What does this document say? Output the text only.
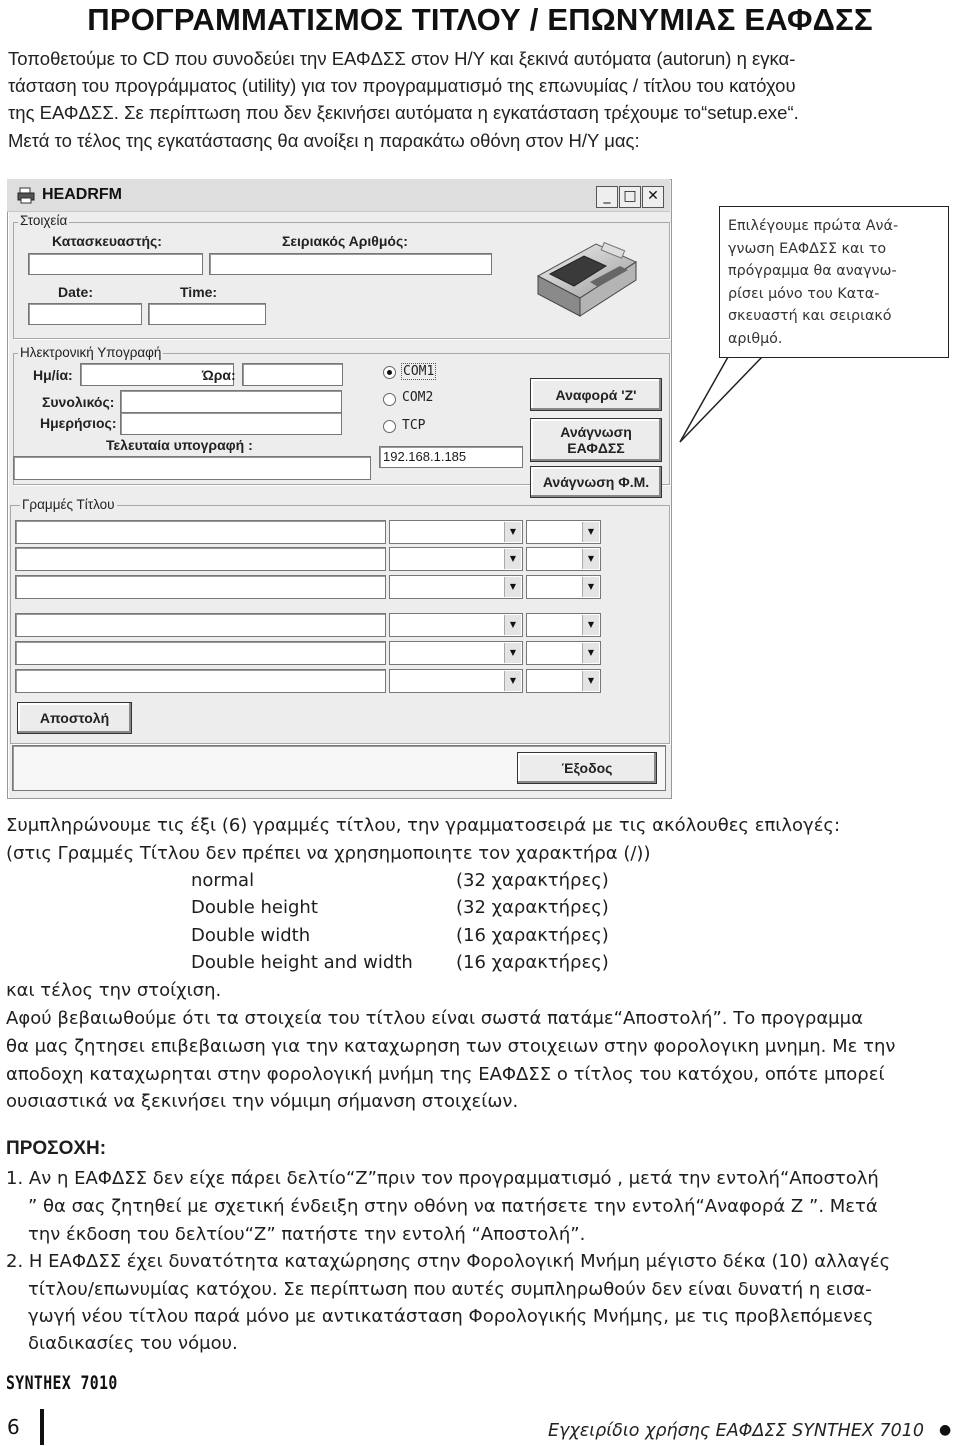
ΠΡΟΓΡΑΜΜΑΤΙΣΜΟΣ ΤΙΤΛΟΥ / ΕΠΩΝΥΜΙΑΣ ΕΑΦΔΣΣ
Τοποθετούμε το CD που συνοδεύει την ΕΑΦΔΣΣ στον Η/Υ και ξεκινά αυτόματα (autorun) η εγκα-
τάσταση του προγράμματος (utility) για τον προγραμματισμό της επωνυμίας / τίτλου του κατόχου
της ΕΑΦΔΣΣ. Σε περίπτωση που δεν ξεκινήσει αυτόματα η εγκατάσταση τρέχουμε το“setup.exe“.
Μετά το τέλος της εγκατάστασης θα ανοίξει η παρακάτω οθόνη στον Η/Υ μας:
HEADRFM	_ □ ✕
Στοιχεία
Κατασκευαστής:	Σειριακός Αριθμός:
Date:	Time:
Ηλεκτρονική Υπογραφή
Ημ/ία:	Ώρα:
Συνολικός:
Ημερήσιος:
Τελευταία υπογραφή :
COM1
COM2
TCP
192.168.1.185
Αναφορά 'Ζ'
Ανάγνωση
ΕΑΦΔΣΣ
Ανάγνωση Φ.Μ.
Γραμμές Τίτλου
▼	▼
▼	▼
▼	▼
▼	▼
▼	▼
▼	▼
Αποστολή
Έξοδος
Επιλέγουμε πρώτα Ανά-
γνωση ΕΑΦΔΣΣ και το
πρόγραμμα θα αναγνω-
ρίσει μόνο του Κατα-
σκευαστή και σειριακό
αριθμό.
Συμπληρώνουμε τις έξι (6) γραμμές τίτλου, την γραμματοσειρά με τις ακόλουθες επιλογές:
(στις Γραμμές Τίτλου δεν πρέπει να χρησημοποιητε τον χαρακτήρα (/))
normal	(32 χαρακτήρες)
Double height	(32 χαρακτήρες)
Double width	(16 χαρακτήρες)
Double height and width (16 χαρακτήρες)
και τέλος την στοίχιση.
Αφού βεβαιωθούμε ότι τα στοιχεία του τίτλου είναι σωστά πατάμε“Αποστολή”. Το προγραμμα
θα μας ζητησει επιβεβαιωση για την καταχωρηση των στοιχειων στην φορολογικη μνημη. Με την
αποδοχη καταχωρηται στην φορολογική μνήμη της ΕΑΦΔΣΣ ο τίτλος του κατόχου, οπότε μπορεί
ουσιαστικά να ξεκινήσει την νόμιμη σήμανση στοιχείων.
ΠΡΟΣΟΧΗ:
1. Αν η ΕΑΦΔΣΣ δεν είχε πάρει δελτίο“Ζ”πριν τον προγραμματισμό , μετά την εντολή“Αποστολή
” θα σας ζητηθεί με σχετική ένδειξη στην οθόνη να πατήσετε την εντολή“Αναφορά Ζ ”. Μετά
την έκδοση του δελτίου“Ζ” πατήστε την εντολή “Αποστολή”.
2. Η ΕΑΦΔΣΣ έχει δυνατότητα καταχώρησης στην Φορολογική Μνήμη μέγιστο δέκα (10) αλλαγές
τίτλου/επωνυμίας κατόχου. Σε περίπτωση που αυτές συμπληρωθούν δεν είναι δυνατή η εισα-
γωγή νέου τίτλου παρά μόνο με αντικατάσταση Φορολογικής Μνήμης, με τις προβλεπόμενες
διαδικασίες του νόμου.
SYNTHEX 7010
6	Εγχειρίδιο χρήσης ΕΑΦΔΣΣ SYNTHEX 7010 ●
